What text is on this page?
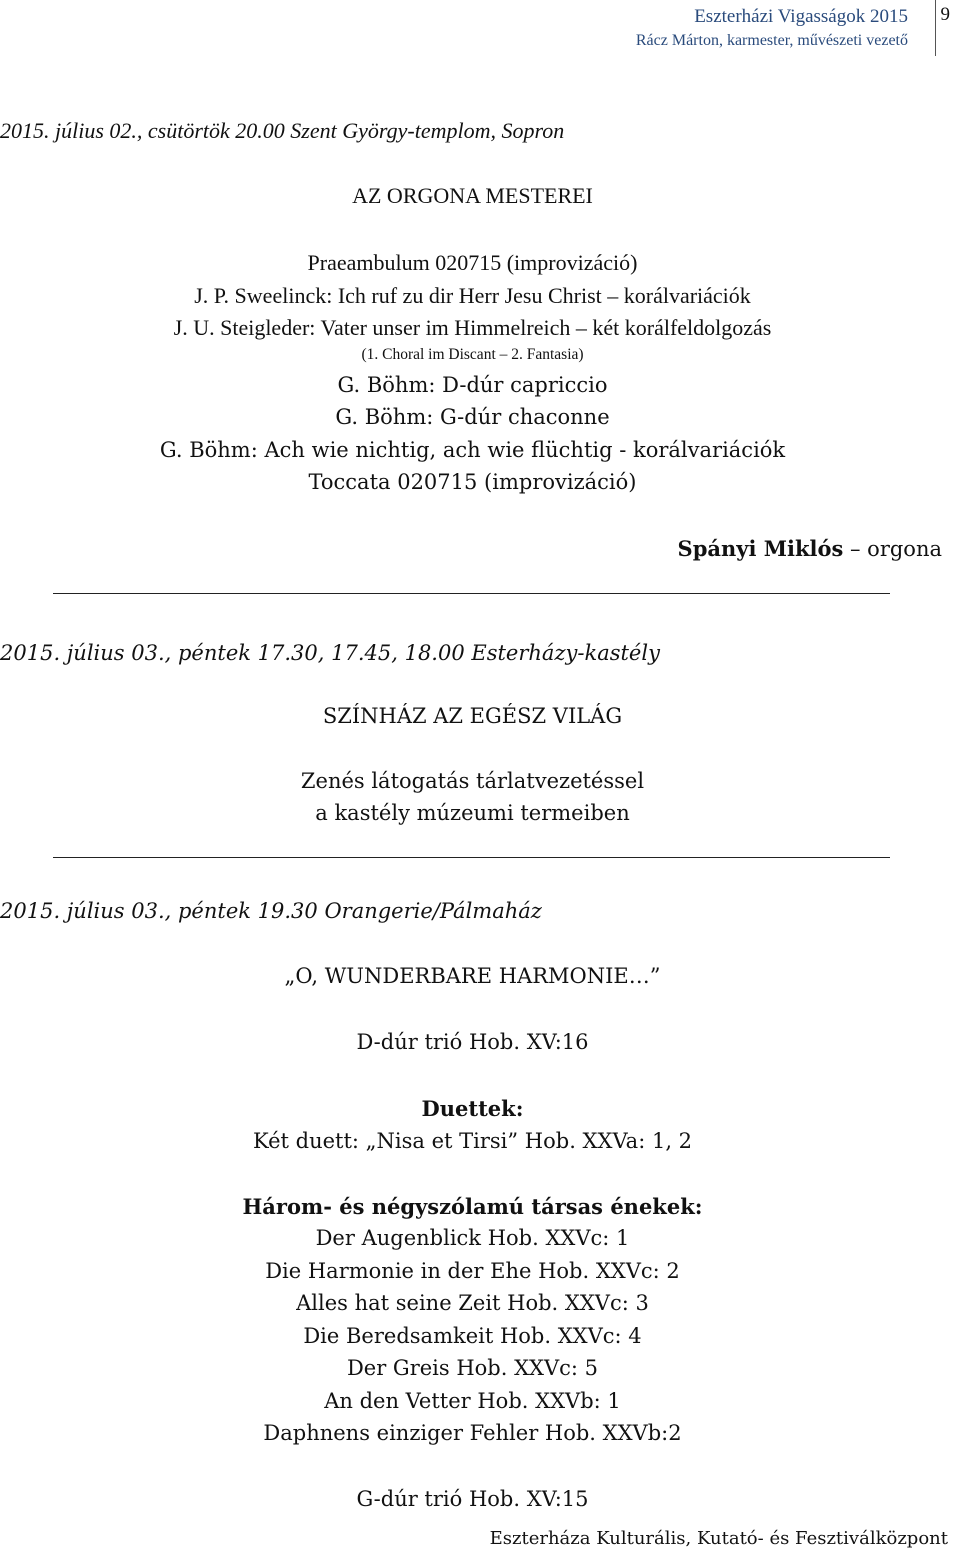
Eszterházi Vigasságok 2015
Rácz Márton, karmester, művészeti vezető
9
2015. július 02., csütörtök 20.00 Szent György-templom, Sopron
AZ ORGONA MESTEREI
Praeambulum 020715 (improvizáció)
J. P. Sweelinck: Ich ruf zu dir Herr Jesu Christ – korálvariációk
J. U. Steigleder: Vater unser im Himmelreich – két korálfeldolgozás
(1. Choral im Discant – 2. Fantasia)
G. Böhm: D-dúr capriccio
G. Böhm: G-dúr chaconne
G. Böhm: Ach wie nichtig, ach wie flüchtig - korálvariációk
Toccata 020715 (improvizáció)
Spányi Miklós – orgona
2015. július 03., péntek 17.30, 17.45, 18.00 Esterházy-kastély
SZÍNHÁZ AZ EGÉSZ VILÁG
Zenés látogatás tárlatvezetéssel
a kastély múzeumi termeiben
2015. július 03., péntek 19.30 Orangerie/Pálmaház
„O, WUNDERBARE HARMONIE…”
D-dúr trió Hob. XV:16
Duettek:
Két duett: „Nisa et Tirsi” Hob. XXVa: 1, 2
Három- és négyszólamú társas énekek:
Der Augenblick Hob. XXVc: 1
Die Harmonie in der Ehe Hob. XXVc: 2
Alles hat seine Zeit Hob. XXVc: 3
Die Beredsamkeit Hob. XXVc: 4
Der Greis Hob. XXVc: 5
An den Vetter Hob. XXVb: 1
Daphnens einziger Fehler Hob. XXVb:2
G-dúr trió Hob. XV:15
Eszterháza Kulturális, Kutató- és Fesztiválközpont
